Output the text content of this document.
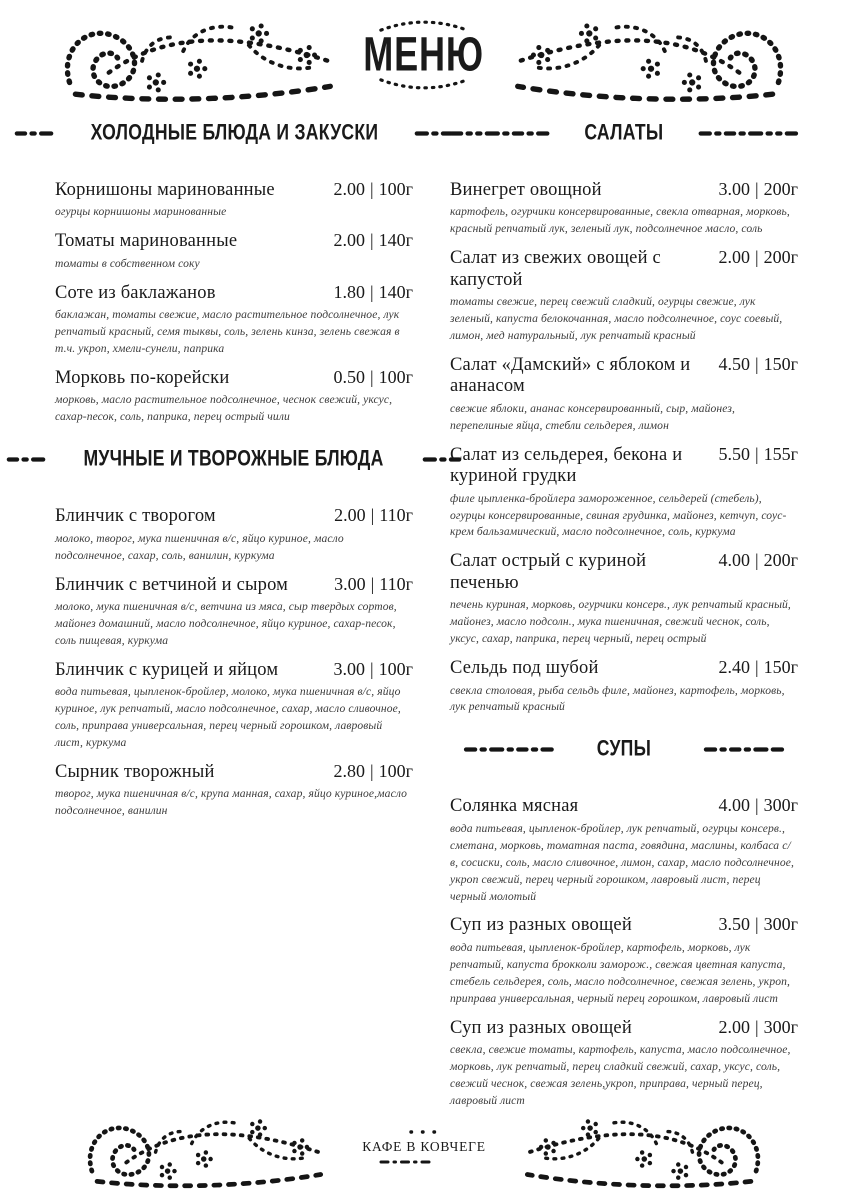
МЕНЮ
ХОЛОДНЫЕ БЛЮДА И ЗАКУСКИ
Корнишоны маринованные	2.00 | 100г
огурцы корнишоны маринованные
Томаты маринованные	2.00 | 140г
томаты в собственном соку
Соте из баклажанов	1.80 | 140г
баклажан, томаты свежие, масло растительное подсолнечное, лук репчатый красный, семя тыквы, соль, зелень кинза, зелень свежая в т.ч. укроп, хмели-сунели, паприка
Морковь по-корейски	0.50 | 100г
морковь, масло растительное подсолнечное, чеснок свежий, уксус, сахар-песок, соль, паприка, перец острый чили
МУЧНЫЕ И ТВОРОЖНЫЕ БЛЮДА
Блинчик с творогом	2.00 | 110г
молоко, творог, мука пшеничная в/с, яйцо куриное, масло подсолнечное, сахар, соль, ванилин, куркума
Блинчик с ветчиной и сыром	3.00 | 110г
молоко, мука пшеничная в/с, ветчина из мяса, сыр твердых сортов, майонез домашний, масло подсолнечное, яйцо куриное, сахар-песок, соль пищевая, куркума
Блинчик с курицей и яйцом	3.00 | 100г
вода питьевая, цыпленок-бройлер, молоко, мука пшеничная в/с, яйцо куриное, лук репчатый, масло подсолнечное, сахар, масло сливочное, соль, приправа универсальная, перец черный горошком, лавровый лист, куркума
Сырник творожный	2.80 | 100г
творог, мука пшеничная в/с, крупа манная, сахар, яйцо куриное,масло подсолнечное, ванилин
САЛАТЫ
Винегрет овощной	3.00 | 200г
картофель, огурчики консервированные, свекла отварная, морковь, красный репчатый лук, зеленый лук, подсолнечное масло, соль
Салат из свежих овощей с капустой
2.00 | 200г
томаты свежие, перец свежий сладкий, огурцы свежие, лук зеленый, капуста белокочанная, масло подсолнечное, соус соевый, лимон, мед натуральный, лук репчатый красный
Салат «Дамский» с яблоком и ананасом
4.50 | 150г
свежие яблоки, ананас консервированный, сыр, майонез, перепелиные яйца, стебли сельдерея, лимон
Салат из сельдерея, бекона и куриной грудки
5.50 | 155г
филе цыпленка-бройлера замороженное, сельдерей (стебель), огурцы консервированные, свиная грудинка, майонез, кетчуп, соус-крем бальзамический, масло подсолнечное, соль, куркума
Салат острый с куриной печенью
4.00 | 200г
печень куриная, морковь, огурчики консерв., лук репчатый красный, майонез, масло подсолн., мука пшеничная, свежий чеснок, соль, уксус, сахар, паприка, перец черный, перец острый
Сельдь под шубой	2.40 | 150г
свекла столовая, рыба сельдь филе, майонез, картофель, морковь, лук репчатый красный
СУПЫ
Солянка мясная	4.00 | 300г
вода питьевая, цыпленок-бройлер, лук репчатый, огурцы консерв., сметана, морковь, томатная паста, говядина, маслины, колбаса с/в, сосиски, соль, масло сливочное, лимон, сахар, масло подсолнечное, укроп свежий, перец черный горошком, лавровый лист, перец черный молотый
Суп из разных овощей	3.50 | 300г
вода питьевая, цыпленок-бройлер, картофель, морковь, лук репчатый, капуста брокколи заморож., свежая цветная капуста, стебель сельдерея, соль, масло подсолнечное, свежая зелень, укроп, приправа универсальная, черный перец горошком, лавровый лист
Суп из разных овощей	2.00 | 300г
свекла, свежие томаты, картофель, капуста, масло подсолнечное, морковь, лук репчатый, перец сладкий свежий, сахар, уксус, соль, свежий чеснок, свежая зелень,укроп, приправа, черный перец, лавровый лист
КАФЕ В КОВЧЕГЕ
